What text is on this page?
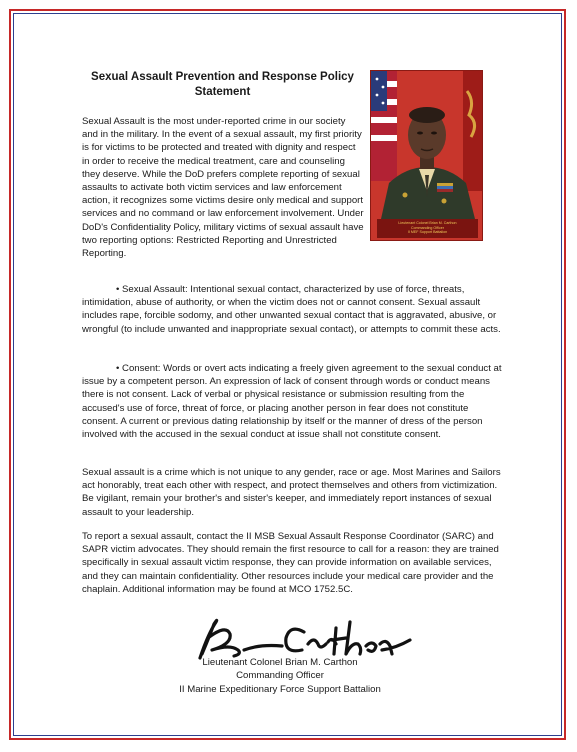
Sexual Assault Prevention and Response Policy Statement

Sexual Assault is the most under-reported crime in our society and in the military. In the event of a sexual assault, my first priority is for victims to be protected and treated with dignity and respect in order to receive the medical treatment, care and counseling they deserve. While the DoD prefers complete reporting of sexual assaults to activate both victim services and law enforcement action, it recognizes some victims desire only medical and support services and no command or law enforcement involvement. Under DoD's Confidentiality Policy, military victims of sexual assault have two reporting options: Restricted Reporting and Unrestricted Reporting.

Lieutenant Colonel Brian M. Carthon
Commanding Officer
II MEF Support Battalion

• Sexual Assault: Intentional sexual contact, characterized by use of force, threats, intimidation, abuse of authority, or when the victim does not or cannot consent. Sexual assault includes rape, forcible sodomy, and other unwanted sexual contact that is aggravated, abusive, or wrongful (to include unwanted and inappropriate sexual contact), or attempts to commit these acts.

• Consent: Words or overt acts indicating a freely given agreement to the sexual conduct at issue by a competent person. An expression of lack of consent through words or conduct means there is not consent. Lack of verbal or physical resistance or submission resulting from the accused's use of force, threat of force, or placing another person in fear does not constitute consent. A current or previous dating relationship by itself or the manner of dress of the person involved with the accused in the sexual conduct at issue shall not constitute consent.

Sexual assault is a crime which is not unique to any gender, race or age. Most Marines and Sailors act honorably, treat each other with respect, and protect themselves and others from victimization. Be vigilant, remain your brother's and sister's keeper, and immediately report instances of sexual assault to your leadership.

To report a sexual assault, contact the II MSB Sexual Assault Response Coordinator (SARC) and SAPR victim advocates. They should remain the first resource to call for a reason: they are trained specifically in sexual assault victim response, they can provide information on available services, and they can maintain confidentiality. Other resources include your medical care provider and the chaplain. Additional information may be found at MCO 1752.5C.

Lieutenant Colonel Brian M. Carthon
Commanding Officer
II Marine Expeditionary Force Support Battalion
